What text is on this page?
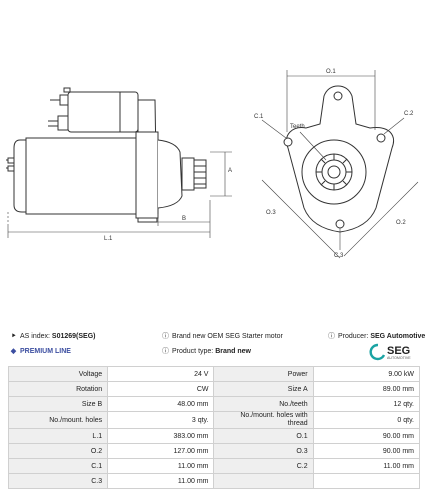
A
B
L.1
O.1
C.1	C.2
Teeth
O.3
O.2
C.3
⯈ AS index: S01269(SEG)	ⓘ Brand new OEM SEG Starter motor	ⓘ Producer: SEG Automotive
◆ PREMIUM LINE	ⓘ Product type: Brand new	SEG
AUTOMOTIVE
Voltage	24 V	Power	9.00 kW
Rotation	CW	Size A	89.00 mm
Size B	48.00 mm	No./teeth	12 qty.
No./mount. holes	3 qty.	No./mount. holes with thread	0 qty.
L.1	383.00 mm	O.1	90.00 mm
O.2	127.00 mm	O.3	90.00 mm
C.1	11.00 mm	C.2	11.00 mm
C.3	11.00 mm		
